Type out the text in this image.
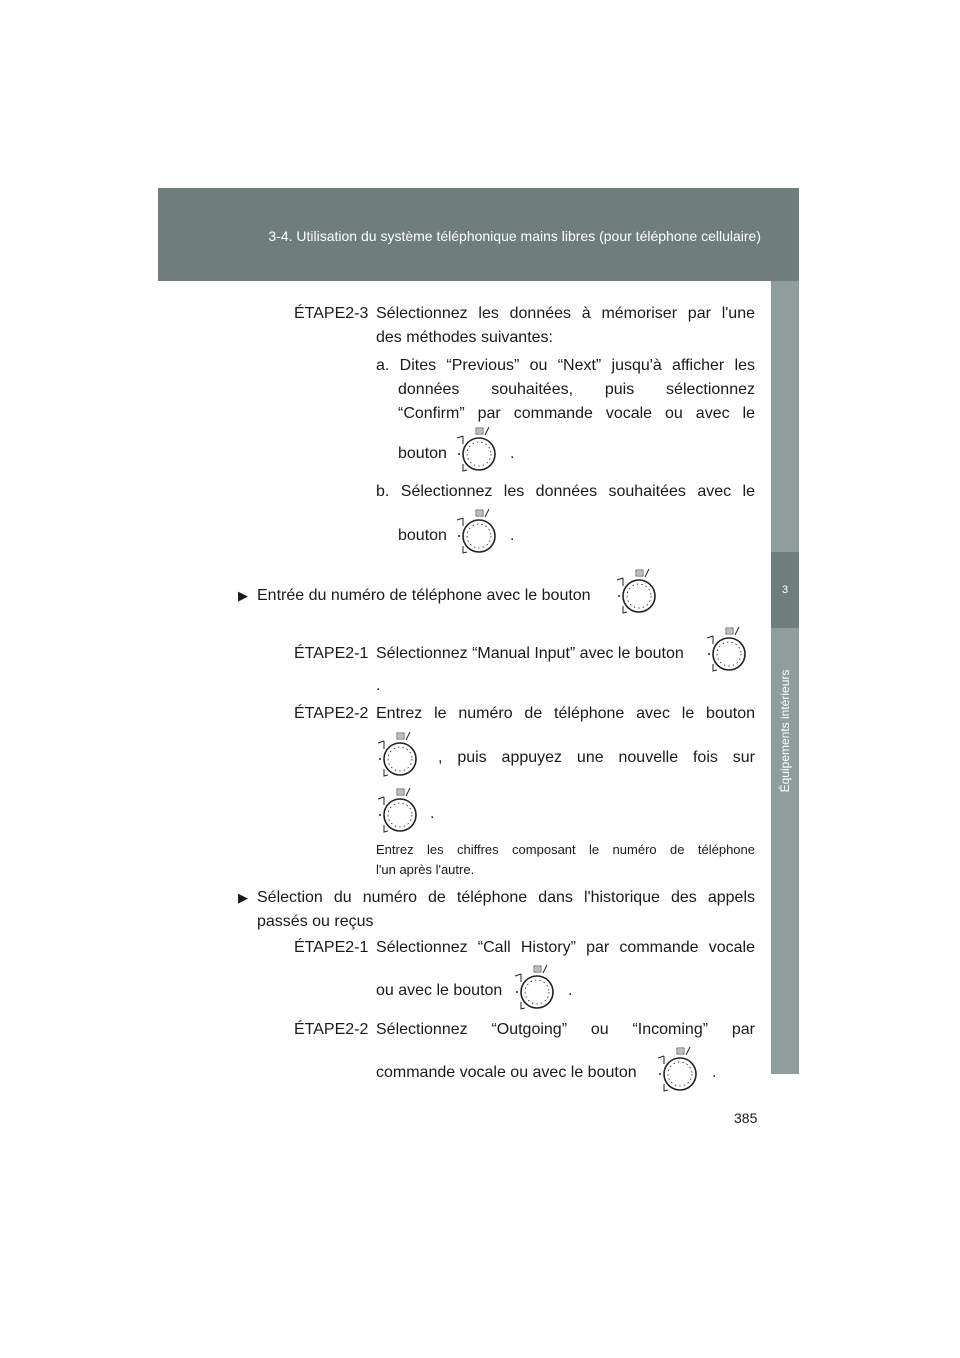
3-4. Utilisation du système téléphonique mains libres (pour téléphone cellulaire)
3
Équipements intérieurs
ÉTAPE2-3 Sélectionnez les données à mémoriser par l'une
des méthodes suivantes:
a. Dites “Previous” ou “Next” jusqu'à afficher les
données souhaitées, puis sélectionnez
“Confirm” par commande vocale ou avec le
bouton	.
b. Sélectionnez les données souhaitées avec le
bouton	.
▶ Entrée du numéro de téléphone avec le bouton
ÉTAPE2-1 Sélectionnez “Manual Input” avec le bouton
.
ÉTAPE2-2 Entrez le numéro de téléphone avec le bouton
, puis appuyez une nouvelle fois sur
.
Entrez les chiffres composant le numéro de téléphone
l'un après l'autre.
▶ Sélection du numéro de téléphone dans l'historique des appels
passés ou reçus
ÉTAPE2-1 Sélectionnez “Call History” par commande vocale
ou avec le bouton	.
ÉTAPE2-2 Sélectionnez “Outgoing” ou “Incoming” par
commande vocale ou avec le bouton	.
385
